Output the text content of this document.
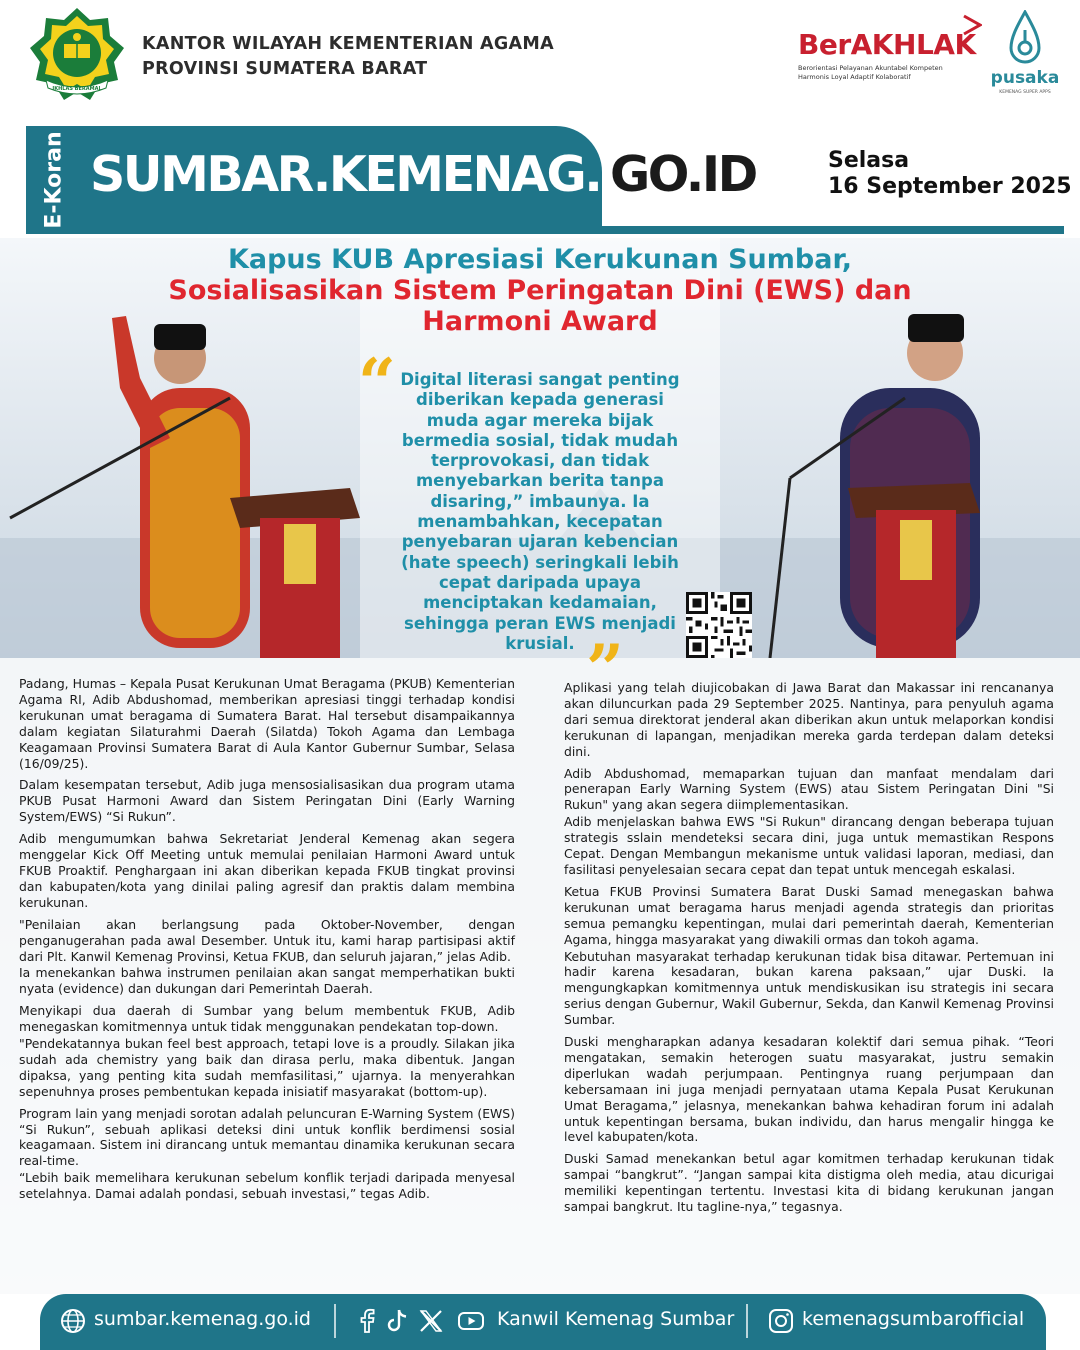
IKHLAS BERAMAL
KANTOR WILAYAH KEMENTERIAN AGAMA
PROVINSI SUMATERA BARAT
BerAKHLAK
Berorientasi Pelayanan Akuntabel Kompeten
Harmonis Loyal Adaptif Kolaboratif	pusaka
KEMENAG SUPER APPS
E-Koran SUMBAR.KEMENAG. GO.ID	Selasa
16 September 2025
Kapus KUB Apresiasi Kerukunan Sumbar, Sosialisasikan Sistem Peringatan Dini (EWS) dan Harmoni Award
“ Digital literasi sangat penting diberikan kepada generasi muda agar mereka bijak bermedia sosial, tidak mudah terprovokasi, dan tidak menyebarkan berita tanpa disaring,” imbaunya. Ia menambahkan, kecepatan penyebaran ujaran kebencian (hate speech) seringkali lebih cepat daripada upaya menciptakan kedamaian, sehingga peran EWS menjadi krusial. ”

Padang, Humas – Kepala Pusat Kerukunan Umat Beragama (PKUB) Kementerian Agama RI, Adib Abdushomad, memberikan apresiasi tinggi terhadap kondisi kerukunan umat beragama di Sumatera Barat. Hal tersebut disampaikannya dalam kegiatan Silaturahmi Daerah (Silatda) Tokoh Agama dan Lembaga Keagamaan Provinsi Sumatera Barat di Aula Kantor Gubernur Sumbar, Selasa (16/09/25).

Dalam kesempatan tersebut, Adib juga mensosialisasikan dua program utama PKUB Pusat Harmoni Award dan Sistem Peringatan Dini (Early Warning System/EWS) “Si Rukun”.

Adib mengumumkan bahwa Sekretariat Jenderal Kemenag akan segera menggelar Kick Off Meeting untuk memulai penilaian Harmoni Award untuk FKUB Proaktif. Penghargaan ini akan diberikan kepada FKUB tingkat provinsi dan kabupaten/kota yang dinilai paling agresif dan praktis dalam membina kerukunan.

"Penilaian akan berlangsung pada Oktober-November, dengan penganugerahan pada awal Desember. Untuk itu, kami harap partisipasi aktif dari Plt. Kanwil Kemenag Provinsi, Ketua FKUB, dan seluruh jajaran,” jelas Adib.

Ia menekankan bahwa instrumen penilaian akan sangat memperhatikan bukti nyata (evidence) dan dukungan dari Pemerintah Daerah.

Menyikapi dua daerah di Sumbar yang belum membentuk FKUB, Adib menegaskan komitmennya untuk tidak menggunakan pendekatan top-down.

"Pendekatannya bukan feel best approach, tetapi love is a proudly. Silakan jika sudah ada chemistry yang baik dan dirasa perlu, maka dibentuk. Jangan dipaksa, yang penting kita sudah memfasilitasi,” ujarnya. Ia menyerahkan sepenuhnya proses pembentukan kepada inisiatif masyarakat (bottom-up).

Program lain yang menjadi sorotan adalah peluncuran E-Warning System (EWS) “Si Rukun”, sebuah aplikasi deteksi dini untuk konflik berdimensi sosial keagamaan. Sistem ini dirancang untuk memantau dinamika kerukunan secara real-time.

“Lebih baik memelihara kerukunan sebelum konflik terjadi daripada menyesal setelahnya. Damai adalah pondasi, sebuah investasi,” tegas Adib.

Aplikasi yang telah diujicobakan di Jawa Barat dan Makassar ini rencananya akan diluncurkan pada 29 September 2025. Nantinya, para penyuluh agama dari semua direktorat jenderal akan diberikan akun untuk melaporkan kondisi kerukunan di lapangan, menjadikan mereka garda terdepan dalam deteksi dini.

Adib Abdushomad, memaparkan tujuan dan manfaat mendalam dari penerapan Early Warning System (EWS) atau Sistem Peringatan Dini "Si Rukun" yang akan segera diimplementasikan.

Adib menjelaskan bahwa EWS "Si Rukun" dirancang dengan beberapa tujuan strategis sslain mendeteksi secara dini, juga untuk memastikan Respons Cepat. Dengan Membangun mekanisme untuk validasi laporan, mediasi, dan fasilitasi penyelesaian secara cepat dan tepat untuk mencegah eskalasi.

Ketua FKUB Provinsi Sumatera Barat Duski Samad menegaskan bahwa kerukunan umat beragama harus menjadi agenda strategis dan prioritas semua pemangku kepentingan, mulai dari pemerintah daerah, Kementerian Agama, hingga masyarakat yang diwakili ormas dan tokoh agama.

Kebutuhan masyarakat terhadap kerukunan tidak bisa ditawar. Pertemuan ini hadir karena kesadaran, bukan karena paksaan,” ujar Duski. Ia mengungkapkan komitmennya untuk mendiskusikan isu strategis ini secara serius dengan Gubernur, Wakil Gubernur, Sekda, dan Kanwil Kemenag Provinsi Sumbar.

Duski mengharapkan adanya kesadaran kolektif dari semua pihak. “Teori mengatakan, semakin heterogen suatu masyarakat, justru semakin diperlukan wadah perjumpaan. Pentingnya ruang perjumpaan dan kebersamaan ini juga menjadi pernyataan utama Kepala Pusat Kerukunan Umat Beragama,” jelasnya, menekankan bahwa kehadiran forum ini adalah untuk kepentingan bersama, bukan individu, dan harus mengalir hingga ke level kabupaten/kota.

Duski Samad menekankan betul agar komitmen terhadap kerukunan tidak sampai “bangkrut”. “Jangan sampai kita distigma oleh media, atau dicurigai memiliki kepentingan tertentu. Investasi kita di bidang kerukunan jangan sampai bangkrut. Itu tagline-nya,” tegasnya.

sumbar.kemenag.go.id	Kanwil Kemenag Sumbar	kemenagsumbarofficial
